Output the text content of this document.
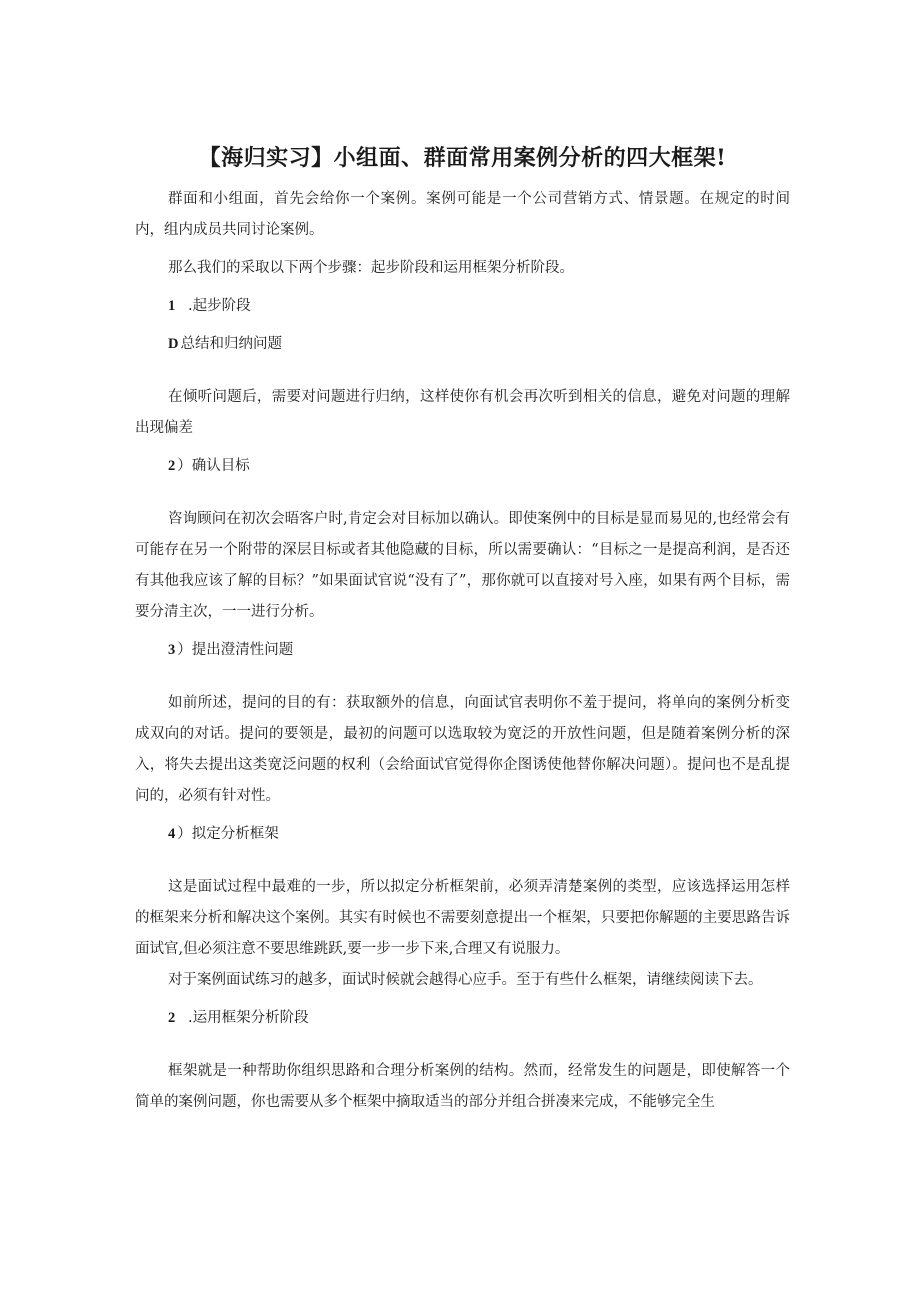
【海归实习】小组面、群面常用案例分析的四大框架!

群面和小组面，首先会给你一个案例。案例可能是一个公司营销方式、情景题。在规定的时间内，组内成员共同讨论案例。

那么我们的采取以下两个步骤：起步阶段和运用框架分析阶段。

1 .起步阶段

D 总结和归纳问题

在倾听问题后，需要对问题进行归纳，这样使你有机会再次听到相关的信息，避免对问题的理解出现偏差

2 ）确认目标

咨询顾问在初次会晤客户时,肯定会对目标加以确认。即使案例中的目标是显而易见的,也经常会有可能存在另一个附带的深层目标或者其他隐藏的目标，所以需要确认：“目标之一是提高利润，是否还有其他我应该了解的目标？”如果面试官说“没有了”，那你就可以直接对号入座，如果有两个目标，需要分清主次，一一进行分析。

3 ）提出澄清性问题

如前所述，提问的目的有：获取额外的信息，向面试官表明你不羞于提问，将单向的案例分析变成双向的对话。提问的要领是，最初的问题可以选取较为宽泛的开放性问题，但是随着案例分析的深入，将失去提出这类宽泛问题的权利（会给面试官觉得你企图诱使他替你解决问题）。提问也不是乱提问的，必须有针对性。

4 ）拟定分析框架

这是面试过程中最难的一步，所以拟定分析框架前，必须弄清楚案例的类型，应该选择运用怎样的框架来分析和解决这个案例。其实有时候也不需要刻意提出一个框架，只要把你解题的主要思路告诉面试官,但必须注意不要思维跳跃,要一步一步下来,合理又有说服力。

对于案例面试练习的越多，面试时候就会越得心应手。至于有些什么框架，请继续阅读下去。

2 .运用框架分析阶段

框架就是一种帮助你组织思路和合理分析案例的结构。然而，经常发生的问题是，即使解答一个简单的案例问题，你也需要从多个框架中摘取适当的部分并组合拼凑来完成，不能够完全生
